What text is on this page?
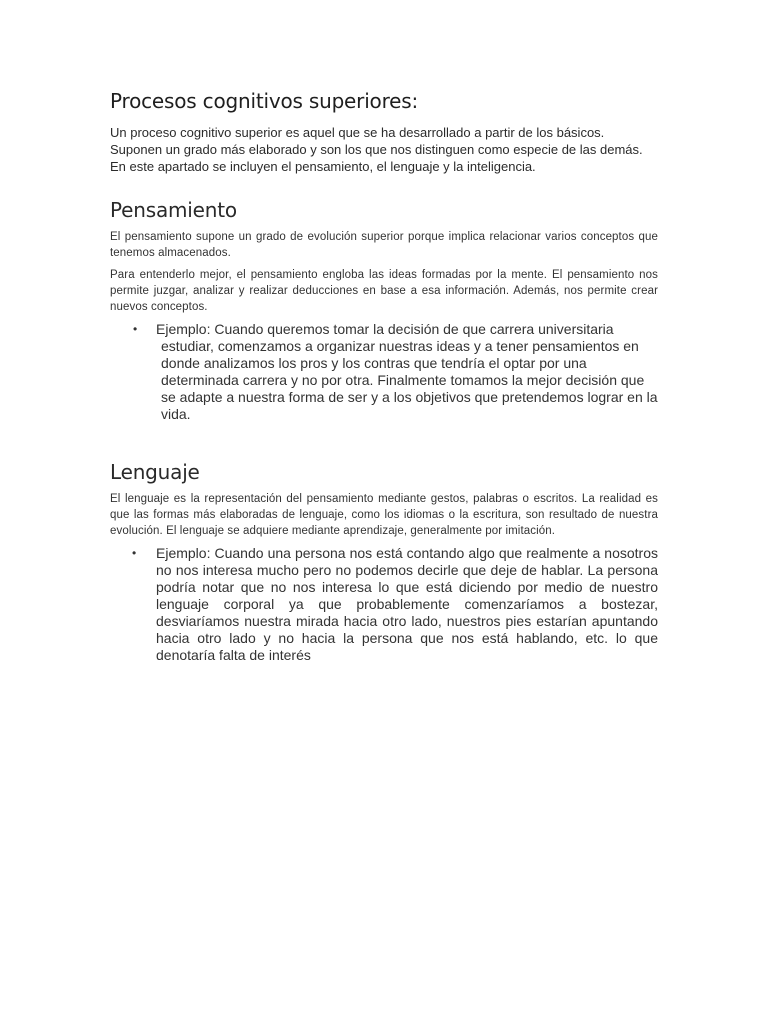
Procesos cognitivos superiores:

Un proceso cognitivo superior es aquel que se ha desarrollado a partir de los básicos. Suponen un grado más elaborado y son los que nos distinguen como especie de las demás. En este apartado se incluyen el pensamiento, el lenguaje y la inteligencia.

Pensamiento

El pensamiento supone un grado de evolución superior porque implica relacionar varios conceptos que tenemos almacenados.

Para entenderlo mejor, el pensamiento engloba las ideas formadas por la mente. El pensamiento nos permite juzgar, analizar y realizar deducciones en base a esa información. Además, nos permite crear nuevos conceptos.

• Ejemplo: Cuando queremos tomar la decisión de que carrera universitaria estudiar, comenzamos a organizar nuestras ideas y a tener pensamientos en donde analizamos los pros y los contras que tendría el optar por una determinada carrera y no por otra. Finalmente tomamos la mejor decisión que se adapte a nuestra forma de ser y a los objetivos que pretendemos lograr en la vida.
Lenguaje

El lenguaje es la representación del pensamiento mediante gestos, palabras o escritos. La realidad es que las formas más elaboradas de lenguaje, como los idiomas o la escritura, son resultado de nuestra evolución. El lenguaje se adquiere mediante aprendizaje, generalmente por imitación.

• Ejemplo: Cuando una persona nos está contando algo que realmente a nosotros no nos interesa mucho pero no podemos decirle que deje de hablar. La persona podría notar que no nos interesa lo que está diciendo por medio de nuestro lenguaje corporal ya que probablemente comenzaríamos a bostezar, desviaríamos nuestra mirada hacia otro lado, nuestros pies estarían apuntando hacia otro lado y no hacia la persona que nos está hablando, etc. lo que denotaría falta de interés
